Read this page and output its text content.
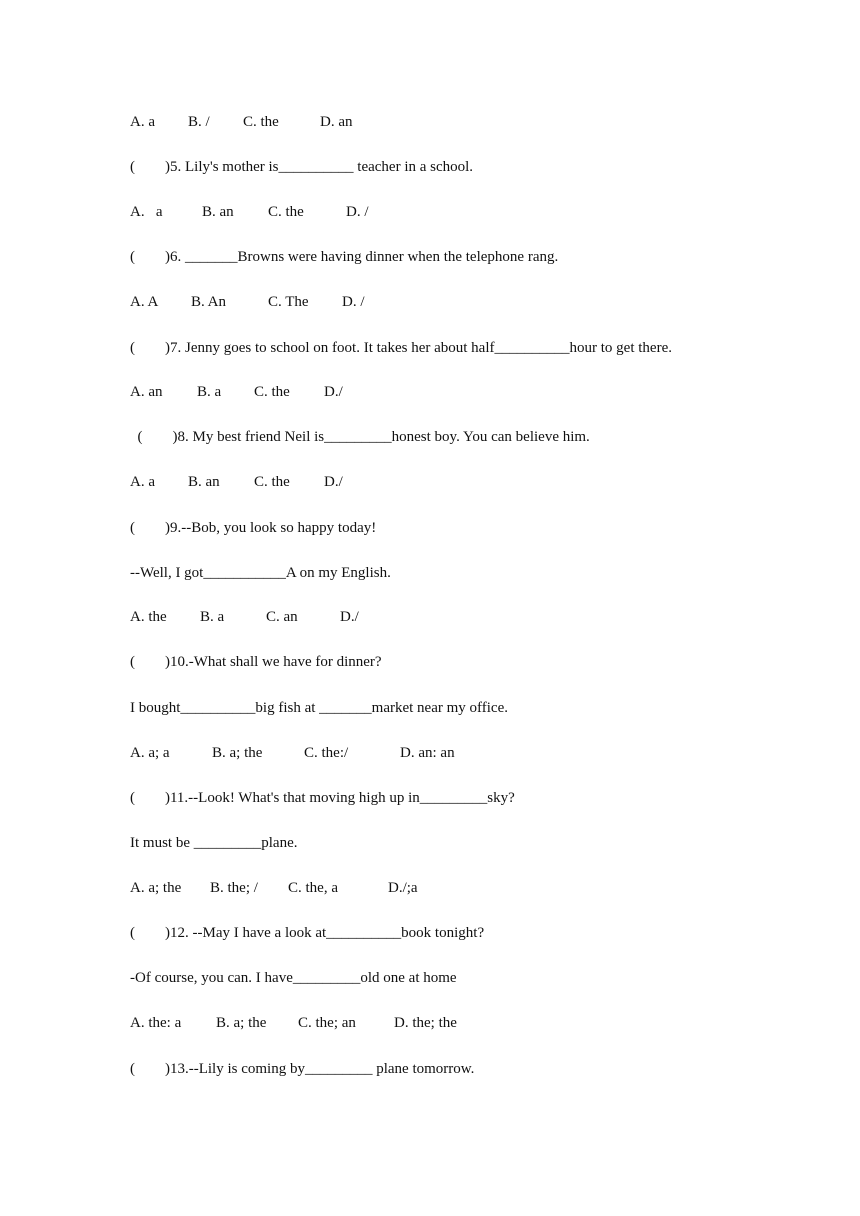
A. a B. / C. the	D. an
(        )5. Lily's mother is__________ teacher in a school.
A.   a	B. an C. the	D. /
(        )6. _______Browns were having dinner when the telephone rang.
A. A B. An	C. The D. /
(        )7. Jenny goes to school on foot. It takes her about half__________hour to get there.
A. an B. a C. the D./
(        )8. My best friend Neil is_________honest boy. You can believe him.
A. a B. an C. the D./
(        )9.--Bob, you look so happy today!
--Well, I got___________A on my English.
A. the B. a	C. an	D./
(        )10.-What shall we have for dinner?
I bought__________big fish at _______market near my office.
A. a; a	B. a; the	C. the:/	D. an: an
(        )11.--Look! What's that moving high up in_________sky?
It must be _________plane.
A. a; the B. the; / C. the, a	D./;a
(        )12. --May I have a look at__________book tonight?
-Of course, you can. I have_________old one at home
A. the: a B. a; the C. the; an	D. the; the
(        )13.--Lily is coming by_________ plane tomorrow.
